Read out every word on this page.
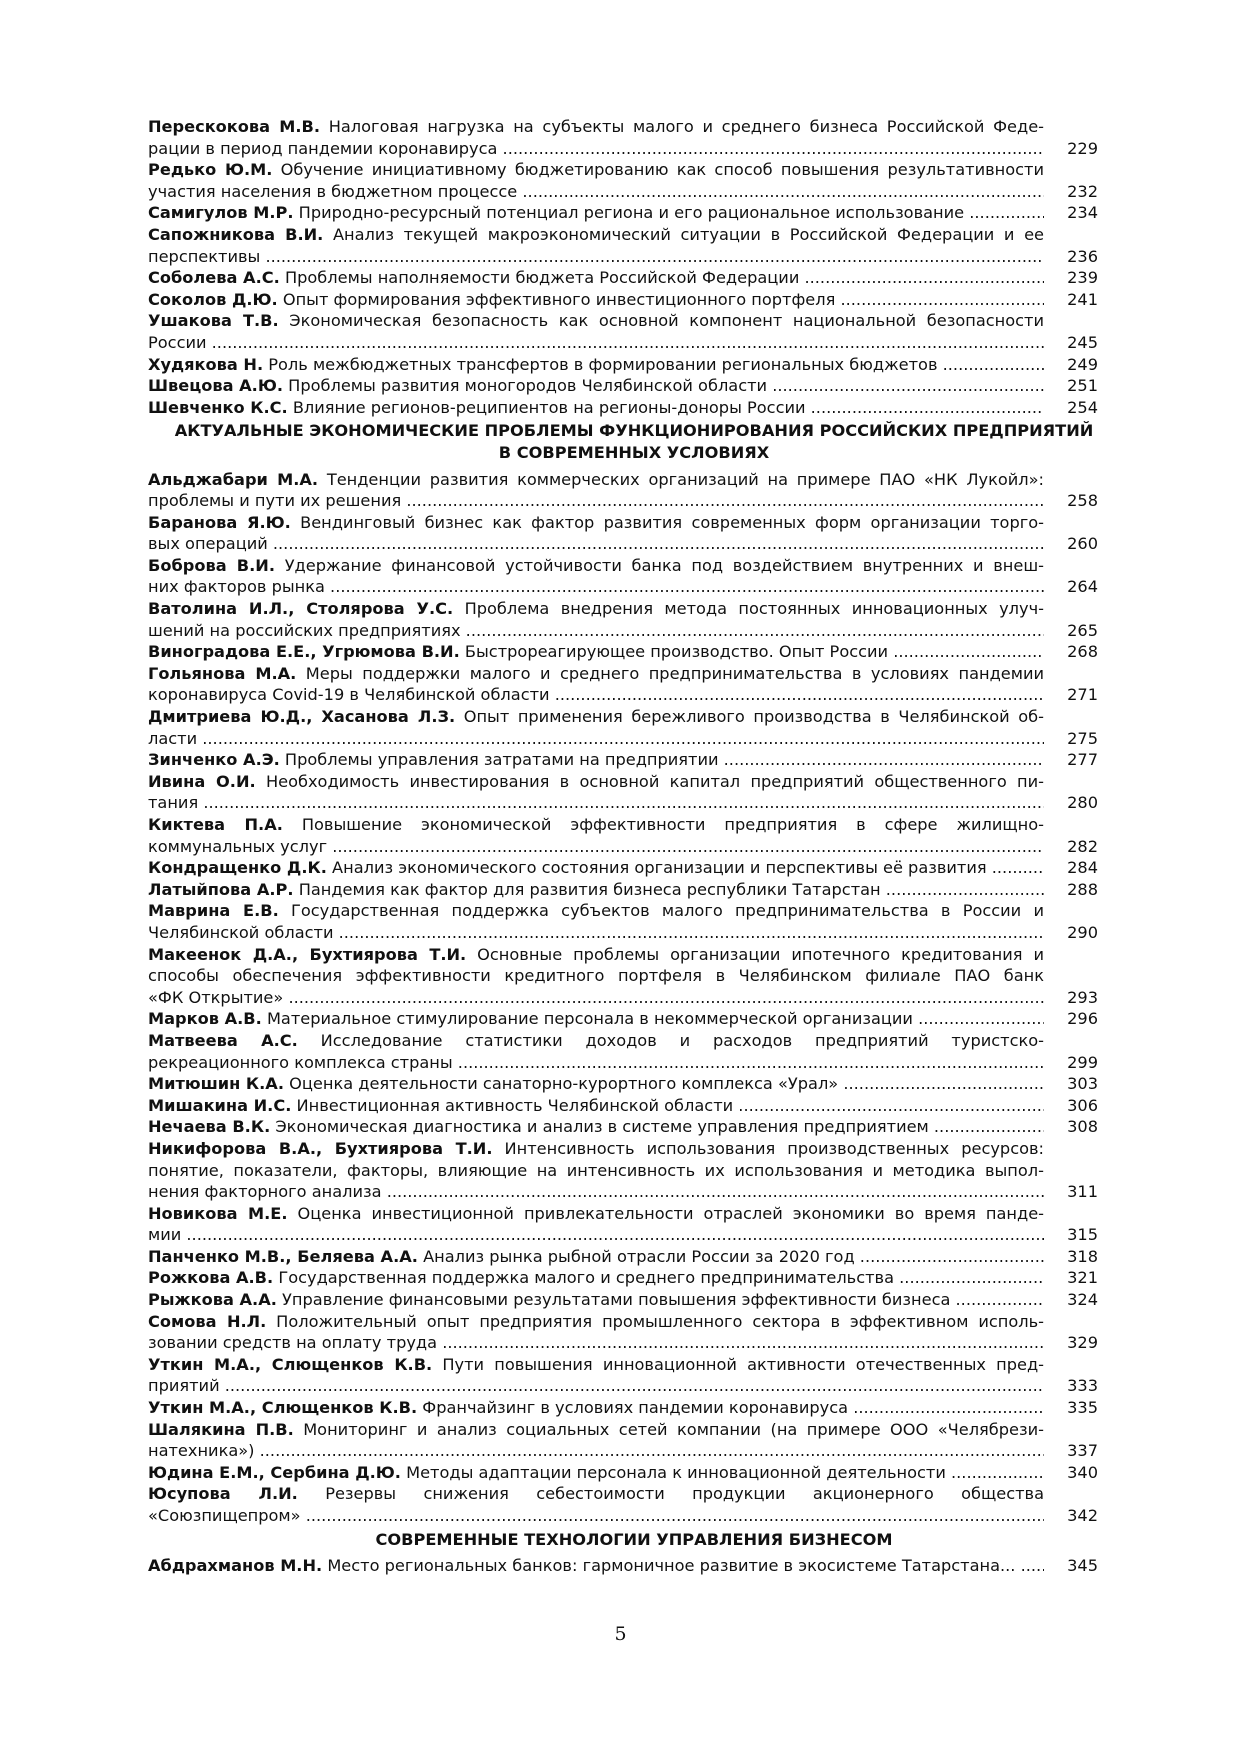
Перескокова М.В. Налоговая нагрузка на субъекты малого и среднего бизнеса Российской Феде-
рации в период пандемии коронавируса .....	229
Редько Ю.М. Обучение инициативному бюджетированию как способ повышения результативности
участия населения в бюджетном процессе .....	232
Самигулов М.Р. Природно-ресурсный потенциал региона и его рациональное использование .....	234
Сапожникова В.И. Анализ текущей макроэкономический ситуации в Российской Федерации и ее
перспективы .....	236
Соболева А.С. Проблемы наполняемости бюджета Российской Федерации .....	239
Соколов Д.Ю. Опыт формирования эффективного инвестиционного портфеля .....	241
Ушакова Т.В. Экономическая безопасность как основной компонент национальной безопасности
России .....	245
Худякова Н. Роль межбюджетных трансфертов в формировании региональных бюджетов .....	249
Швецова А.Ю. Проблемы развития моногородов Челябинской области .....	251
Шевченко К.С. Влияние регионов-реципиентов на регионы-доноры России .....	254
АКТУАЛЬНЫЕ ЭКОНОМИЧЕСКИЕ ПРОБЛЕМЫ ФУНКЦИОНИРОВАНИЯ РОССИЙСКИХ ПРЕДПРИЯТИЙ
В СОВРЕМЕННЫХ УСЛОВИЯХ
Альджабари М.А. Тенденции развития коммерческих организаций на примере ПАО «НК Лукойл»:
проблемы и пути их решения .....	258
Баранова Я.Ю. Вендинговый бизнес как фактор развития современных форм организации торго-
вых операций .....	260
Боброва В.И. Удержание финансовой устойчивости банка под воздействием внутренних и внеш-
них факторов рынка .....	264
Ватолина И.Л., Столярова У.С. Проблема внедрения метода постоянных инновационных улуч-
шений на российских предприятиях .....	265
Виноградова Е.Е., Угрюмова В.И. Быстрореагирующее производство. Опыт России .....	268
Гольянова М.А. Меры поддержки малого и среднего предпринимательства в условиях пандемии
коронавируса Covid-19 в Челябинской области .....	271
Дмитриева Ю.Д., Хасанова Л.З. Опыт применения бережливого производства в Челябинской об-
ласти .....	275
Зинченко А.Э. Проблемы управления затратами на предприятии .....	277
Ивина О.И. Необходимость инвестирования в основной капитал предприятий общественного пи-
тания .....	280
Киктева П.А. Повышение экономической эффективности предприятия в сфере жилищно-
коммунальных услуг .....	282
Кондращенко Д.К. Анализ экономического состояния организации и перспективы её развития .....	284
Латыйпова А.Р. Пандемия как фактор для развития бизнеса республики Татарстан .....	288
Маврина Е.В. Государственная поддержка субъектов малого предпринимательства в России и
Челябинской области .....	290
Макеенок Д.А., Бухтиярова Т.И. Основные проблемы организации ипотечного кредитования и
способы обеспечения эффективности кредитного портфеля в Челябинском филиале ПАО банк
«ФК Открытие» .....	293
Марков А.В. Материальное стимулирование персонала в некоммерческой организации .....	296
Матвеева А.С. Исследование статистики доходов и расходов предприятий туристско-
рекреационного комплекса страны .....	299
Митюшин К.А. Оценка деятельности санаторно-курортного комплекса «Урал» .....	303
Мишакина И.С. Инвестиционная активность Челябинской области .....	306
Нечаева В.К. Экономическая диагностика и анализ в системе управления предприятием .....	308
Никифорова В.А., Бухтиярова Т.И. Интенсивность использования производственных ресурсов:
понятие, показатели, факторы, влияющие на интенсивность их использования и методика выпол-
нения факторного анализа .....	311
Новикова М.Е. Оценка инвестиционной привлекательности отраслей экономики во время панде-
мии .....	315
Панченко М.В., Беляева А.А. Анализ рынка рыбной отрасли России за 2020 год .....	318
Рожкова А.В. Государственная поддержка малого и среднего предпринимательства .....	321
Рыжкова А.А. Управление финансовыми результатами повышения эффективности бизнеса .....	324
Сомова Н.Л. Положительный опыт предприятия промышленного сектора в эффективном исполь-
зовании средств на оплату труда .....	329
Уткин М.А., Слющенков К.В. Пути повышения инновационной активности отечественных пред-
приятий .....	333
Уткин М.А., Слющенков К.В. Франчайзинг в условиях пандемии коронавируса .....	335
Шалякина П.В. Мониторинг и анализ социальных сетей компании (на примере ООО «Челябрези-
натехника») .....	337
Юдина Е.М., Сербина Д.Ю. Методы адаптации персонала к инновационной деятельности .....	340
Юсупова Л.И. Резервы снижения себестоимости продукции акционерного общества
«Союзпищепром» .....	342
СОВРЕМЕННЫЕ ТЕХНОЛОГИИ УПРАВЛЕНИЯ БИЗНЕСОМ
Абдрахманов М.Н. Место региональных банков: гармоничное развитие в экосистеме Татарстана... .....	345
5
